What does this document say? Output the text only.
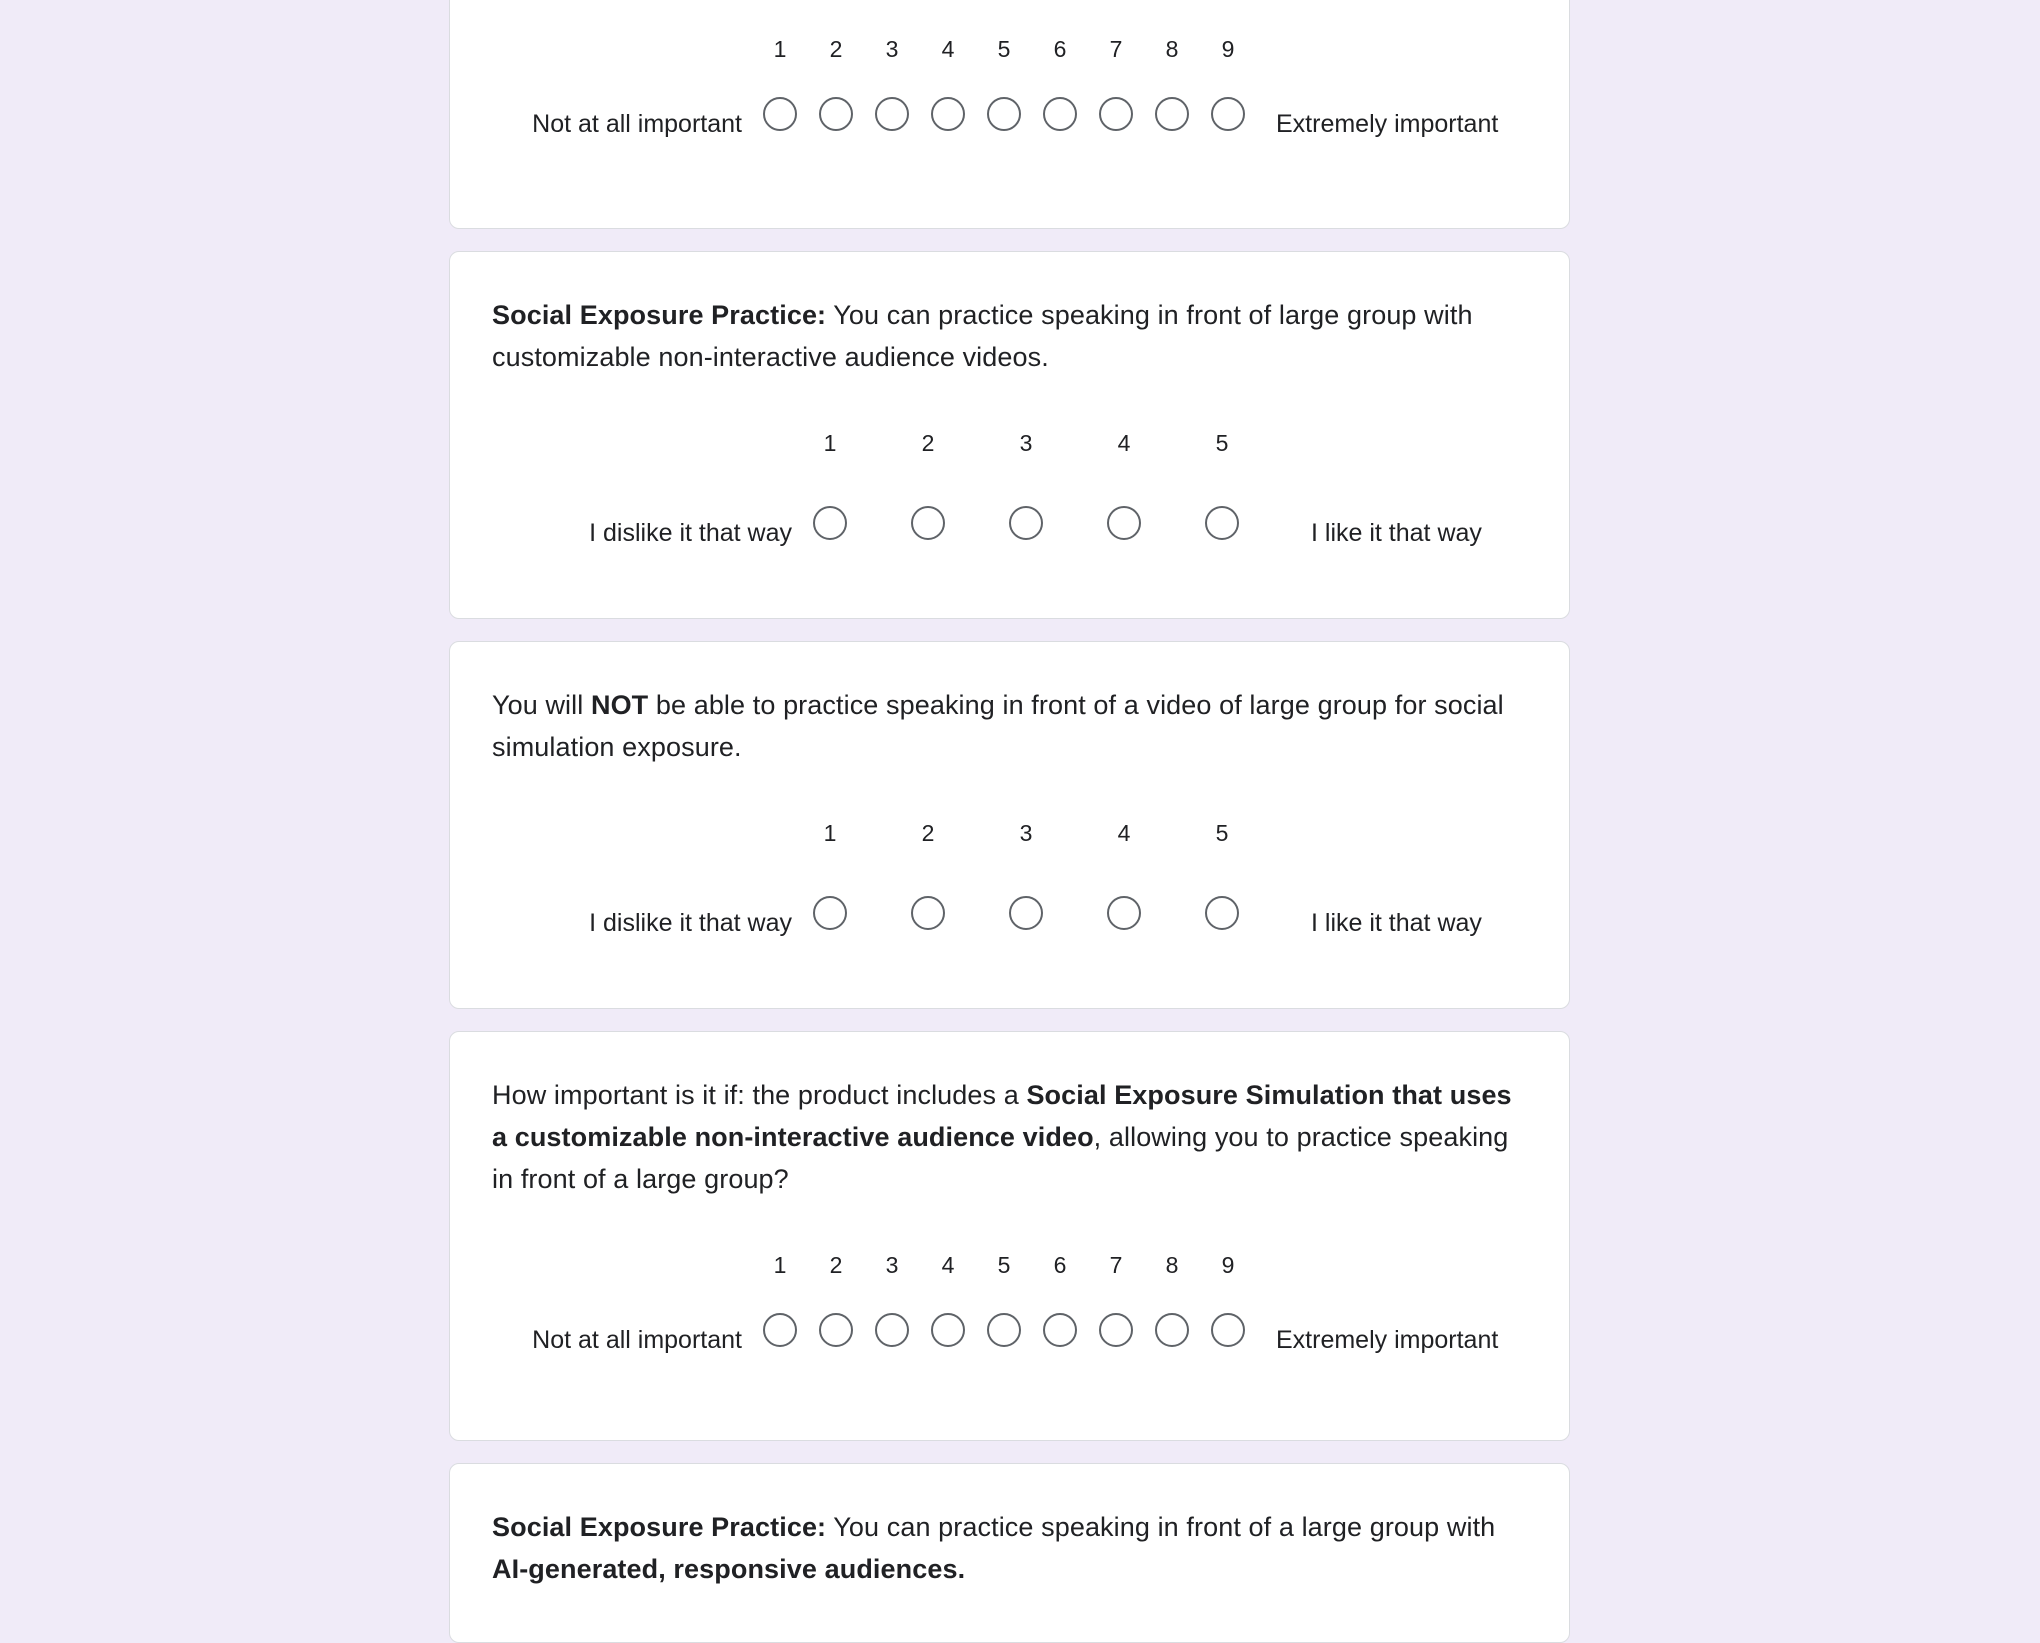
1	2	3	4	5	6	7	8	9
Not at all important	Extremely important
Social Exposure Practice: You can practice speaking in front of large group with customizable non-interactive audience videos.
1	2	3	4	5
I dislike it that way	I like it that way
You will NOT be able to practice speaking in front of a video of large group for social simulation exposure.
1	2	3	4	5
I dislike it that way	I like it that way
How important is it if: the product includes a Social Exposure Simulation that uses a customizable non-interactive audience video, allowing you to practice speaking in front of a large group?
1	2	3	4	5	6	7	8	9
Not at all important	Extremely important
Social Exposure Practice: You can practice speaking in front of a large group with AI-generated, responsive audiences.
